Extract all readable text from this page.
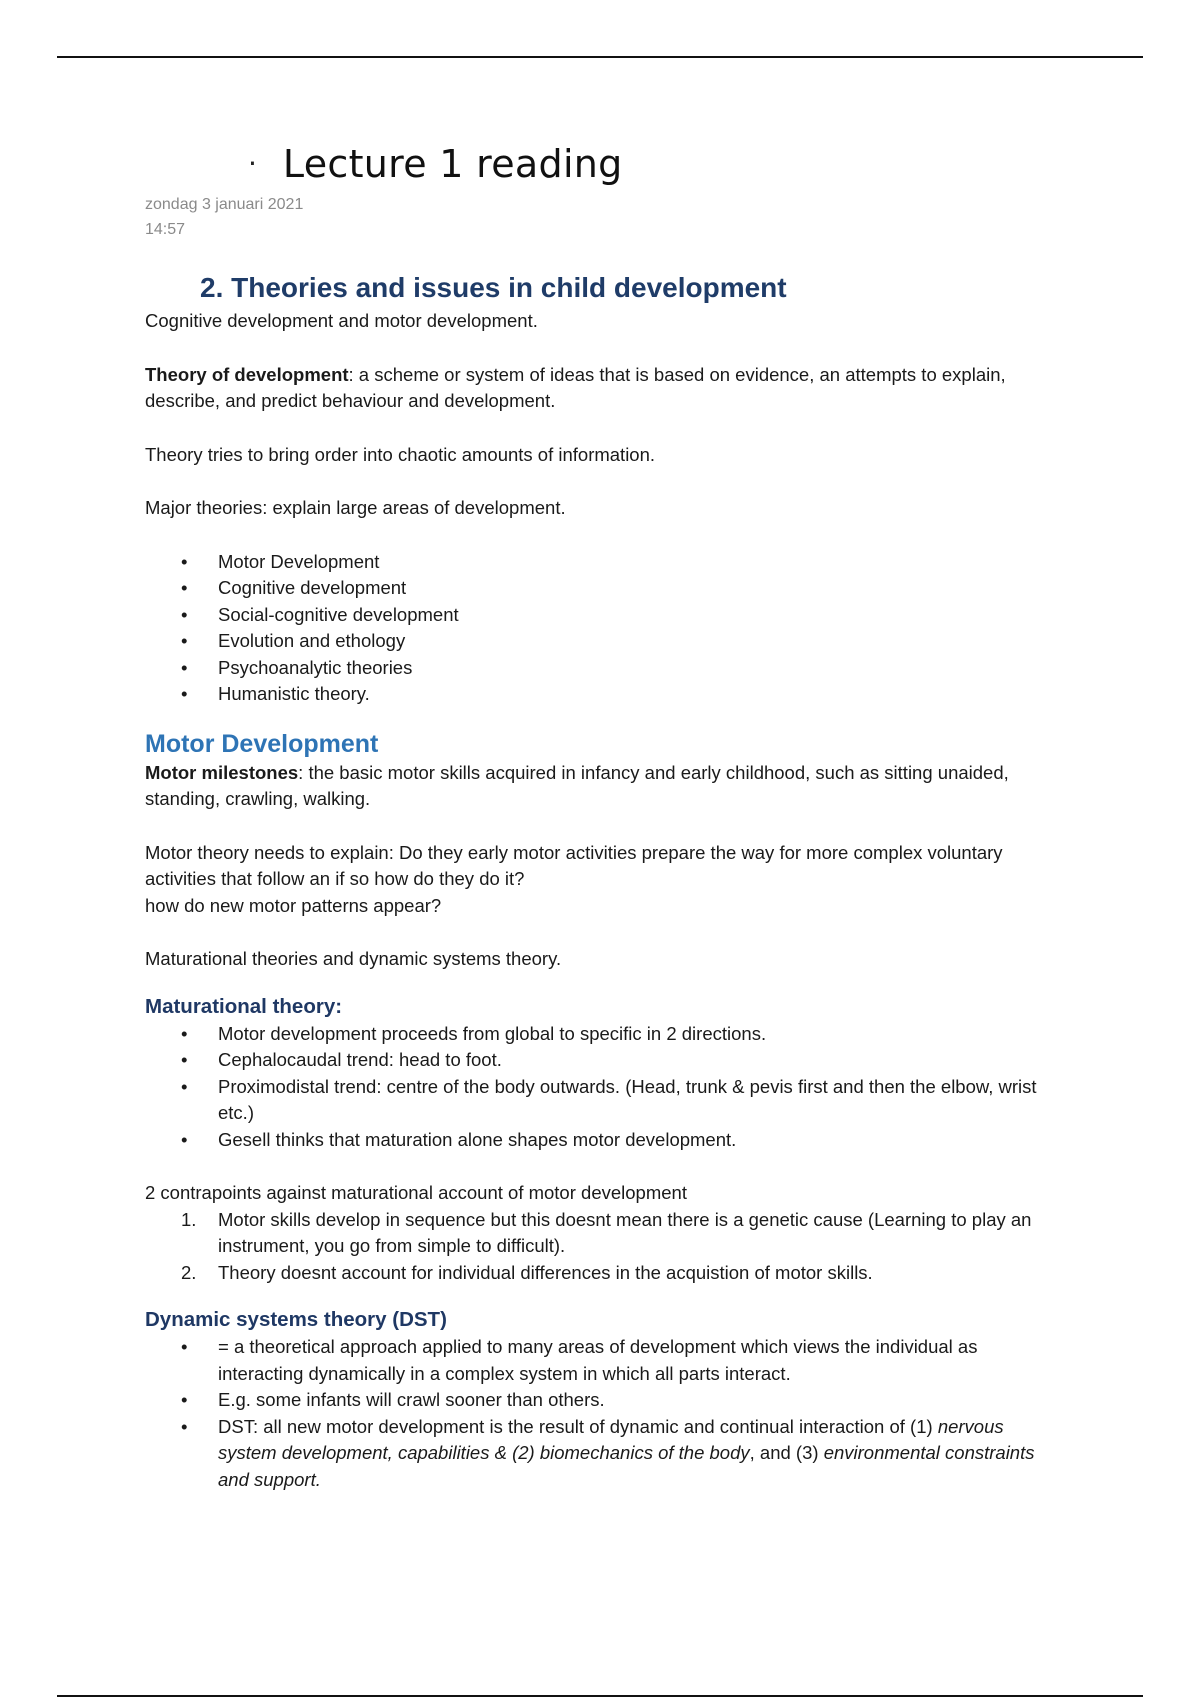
· Lecture 1 reading
zondag 3 januari 2021
14:57
2. Theories and issues in child development

Cognitive development and motor development.

Theory of development: a scheme or system of ideas that is based on evidence, an attempts to explain, describe, and predict behaviour and development.

Theory tries to bring order into chaotic amounts of information.

Major theories: explain large areas of development.

• Motor Development
• Cognitive development
• Social-cognitive development
• Evolution and ethology
• Psychoanalytic theories
• Humanistic theory.
Motor Development

Motor milestones: the basic motor skills acquired in infancy and early childhood, such as sitting unaided, standing, crawling, walking.

Motor theory needs to explain: Do they early motor activities prepare the way for more complex voluntary activities that follow an if so how do they do it?

how do new motor patterns appear?

Maturational theories and dynamic systems theory.

Maturational theory:
• Motor development proceeds from global to specific in 2 directions.
• Cephalocaudal trend: head to foot.
• Proximodistal trend: centre of the body outwards. (Head, trunk & pevis first and then the elbow, wrist etc.)
• Gesell thinks that maturation alone shapes motor development.

2 contrapoints against maturational account of motor development

1. Motor skills develop in sequence but this doesnt mean there is a genetic cause (Learning to play an instrument, you go from simple to difficult).
2. Theory doesnt account for individual differences in the acquistion of motor skills.
Dynamic systems theory (DST)
• = a theoretical approach applied to many areas of development which views the individual as interacting dynamically in a complex system in which all parts interact.
• E.g. some infants will crawl sooner than others.
• DST: all new motor development is the result of dynamic and continual interaction of (1) nervous system development, capabilities & (2) biomechanics of the body, and (3) environmental constraints and support.
